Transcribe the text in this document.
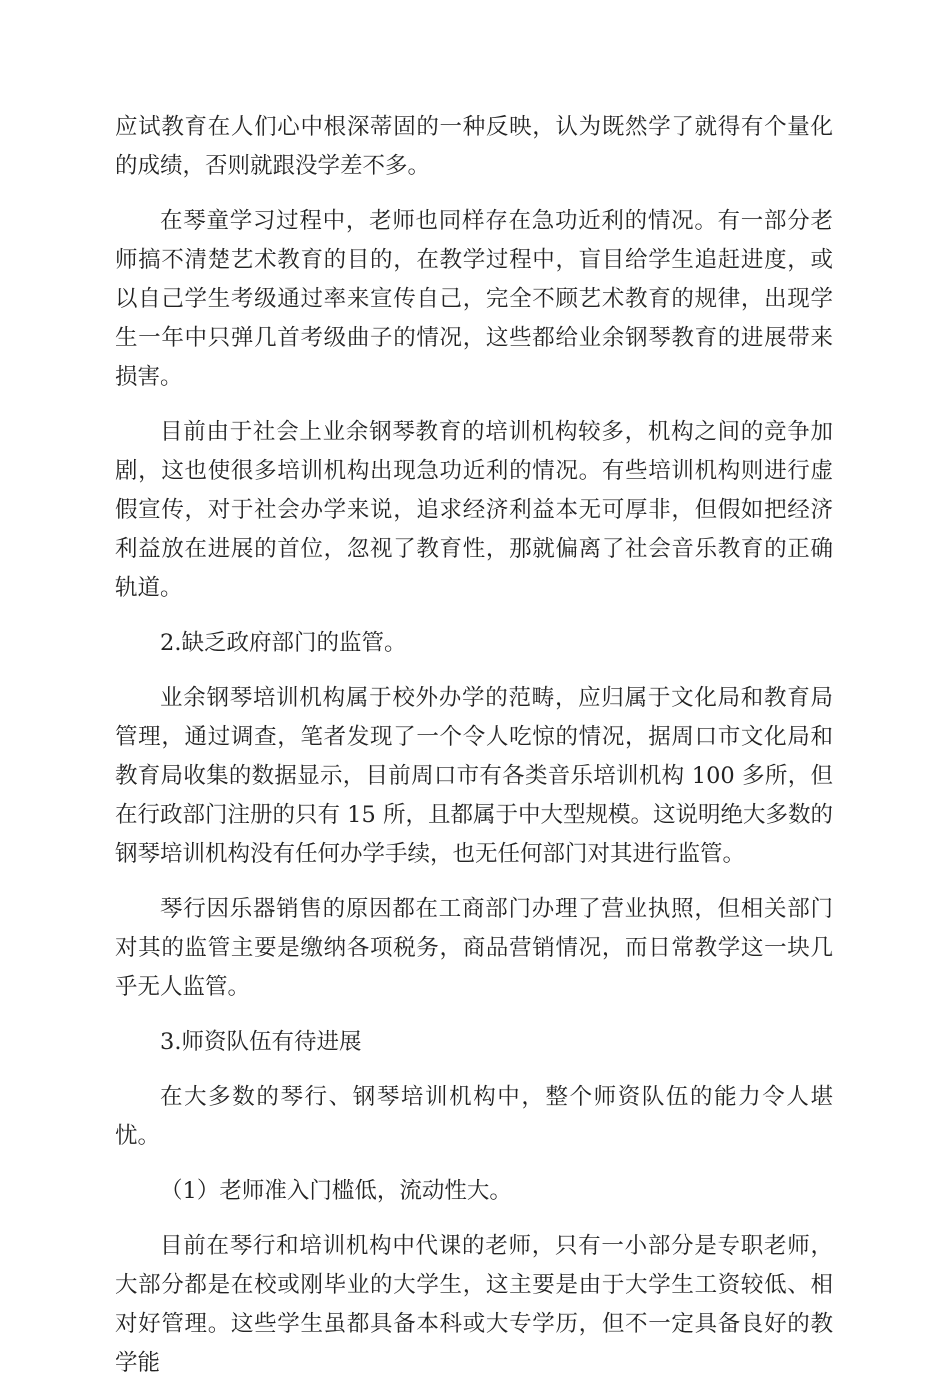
应试教育在人们心中根深蒂固的一种反映，认为既然学了就得有个量化的成绩，否则就跟没学差不多。

在琴童学习过程中，老师也同样存在急功近利的情况。有一部分老师搞不清楚艺术教育的目的，在教学过程中，盲目给学生追赶进度，或以自己学生考级通过率来宣传自己，完全不顾艺术教育的规律，出现学生一年中只弹几首考级曲子的情况，这些都给业余钢琴教育的进展带来损害。

目前由于社会上业余钢琴教育的培训机构较多，机构之间的竞争加剧，这也使很多培训机构出现急功近利的情况。有些培训机构则进行虚假宣传，对于社会办学来说，追求经济利益本无可厚非，但假如把经济利益放在进展的首位，忽视了教育性，那就偏离了社会音乐教育的正确轨道。

2.缺乏政府部门的监管。

业余钢琴培训机构属于校外办学的范畴，应归属于文化局和教育局管理，通过调查，笔者发现了一个令人吃惊的情况，据周口市文化局和教育局收集的数据显示，目前周口市有各类音乐培训机构 100 多所，但在行政部门注册的只有 15 所，且都属于中大型规模。这说明绝大多数的钢琴培训机构没有任何办学手续，也无任何部门对其进行监管。

琴行因乐器销售的原因都在工商部门办理了营业执照，但相关部门对其的监管主要是缴纳各项税务，商品营销情况，而日常教学这一块几乎无人监管。

3.师资队伍有待进展

在大多数的琴行、钢琴培训机构中，整个师资队伍的能力令人堪忧。

（1）老师准入门槛低，流动性大。

目前在琴行和培训机构中代课的老师，只有一小部分是专职老师，大部分都是在校或刚毕业的大学生，这主要是由于大学生工资较低、相对好管理。这些学生虽都具备本科或大专学历，但不一定具备良好的教学能
